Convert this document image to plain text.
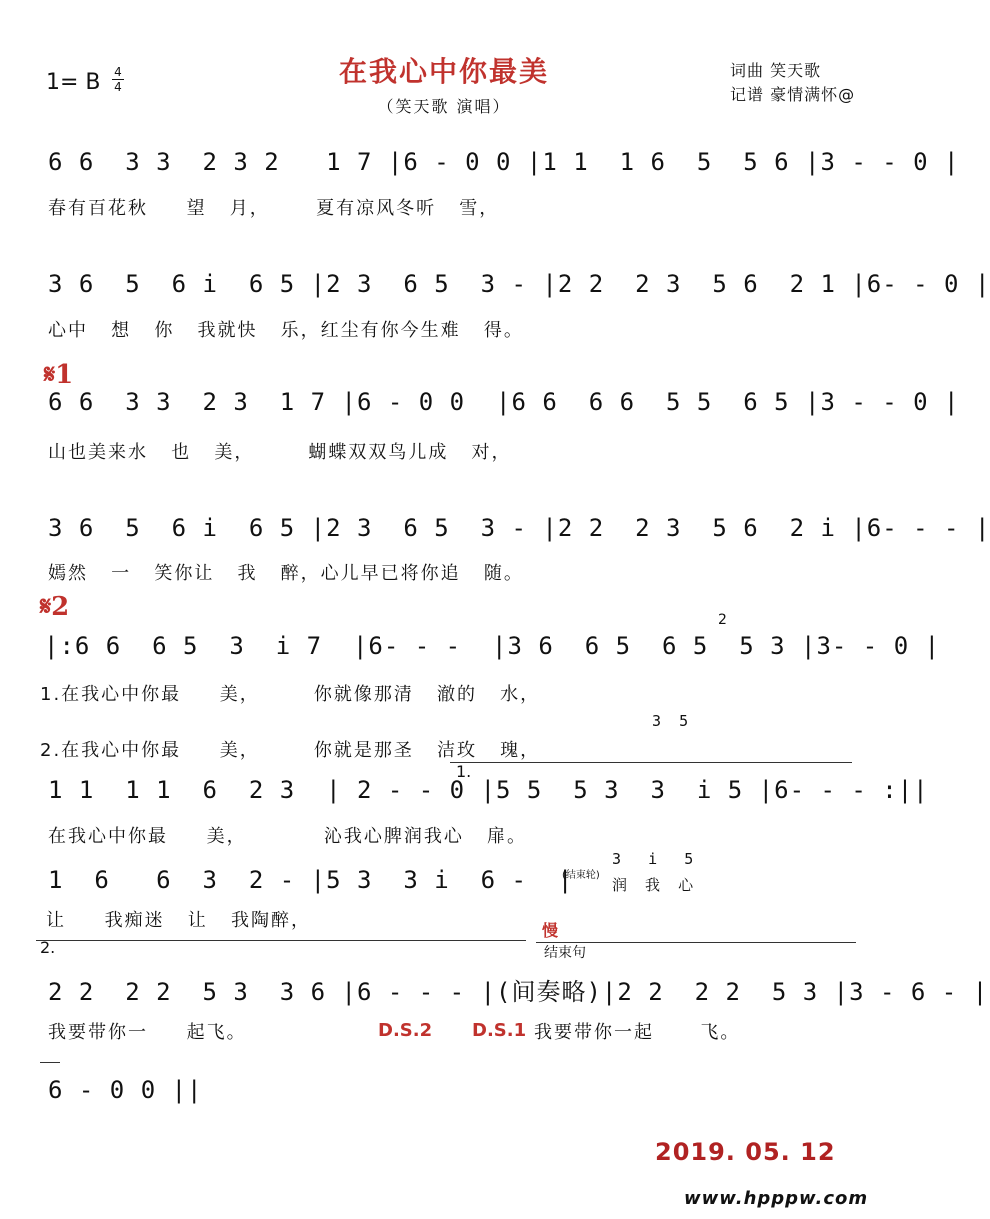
在我心中你最美
1= B 4
4
词曲 笑天歌
记谱 豪情满怀@
（笑天歌 演唱）
6 6  3 3  2 3 2   1 7 |6 - 0 0 |1 1  1 6  5  5 6 |3 - - 0 |
春有百花秋     望   月，      夏有凉风冬听   雪，
3 6  5  6 i  6 5 |2 3  6 5  3 - |2 2  2 3  5 6  2 1 |6- - 0 |
心中   想   你   我就快   乐，红尘有你今生难   得。
𝄋1
6 6  3 3  2 3  1 7 |6 - 0 0  |6 6  6 6  5 5  6 5 |3 - - 0 |
山也美来水   也   美，       蝴蝶双双鸟儿成   对，
3 6  5  6 i  6 5 |2 3  6 5  3 - |2 2  2 3  5 6  2 i |6- - - |
嫣然   一   笑你让   我   醉，心儿早已将你追   随。
𝄋2
|:6 6  6 5  3  i 7  |6- - -  |3 6  6 5  6 5  5 3 |3- - 0 |
2
1.在我心中你最     美，       你就像那清   澈的   水，
3  5
2.在我心中你最     美，       你就是那圣   洁玫   瑰，
1.
1 1  1 1  6  2 3  | 2 - - 0 |5 5  5 3  3  i 5 |6- - - :||
在我心中你最     美，          沁我心脾润我心   扉。
1  6   6  3  2 - |5 3  3 i  6 -  |
(结束轮)
3   i   5
润  我  心
让     我痴迷   让   我陶醉，	慢
2.	结束句
2 2  2 2  5 3  3 6 |6 - - - |(间奏略)|2 2  2 2  5 3 |3 - 6 - |
我要带你一     起飞。	D.S.2 D.S.1 我要带你一起      飞。
6 - 0 0 ||
2019. 05. 12
www.hpppw.com
